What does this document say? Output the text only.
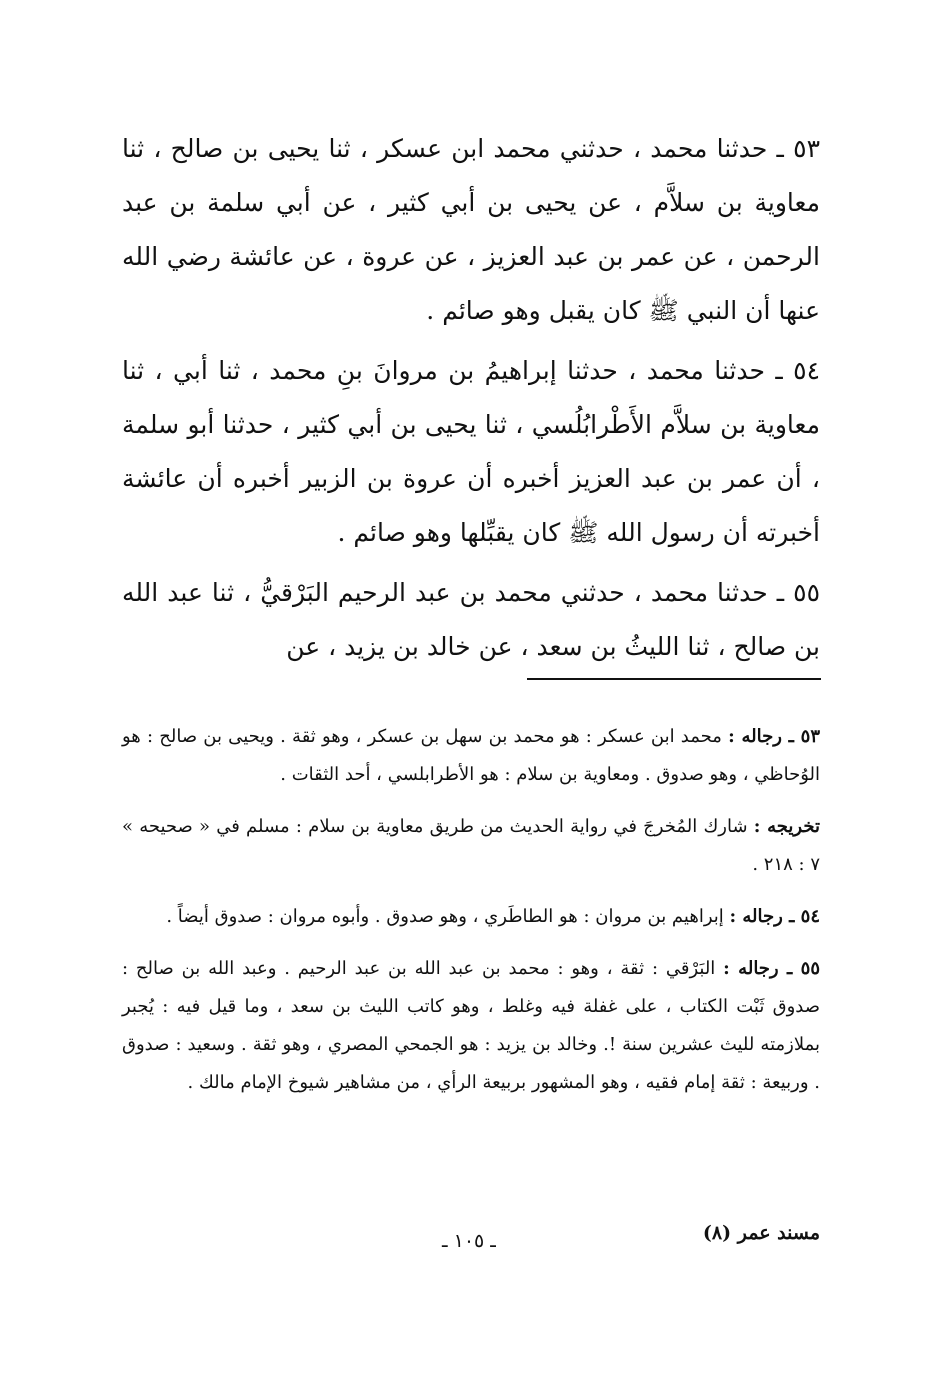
٥٣ ـ حدثنا محمد ، حدثني محمد ابن عسكر ، ثنا يحيى بن صالح ، ثنا معاوية بن سلاَّم ، عن يحيى بن أبي كثير ، عن أبي سلمة بن عبد الرحمن ، عن عمر بن عبد العزيز ، عن عروة ، عن عائشة رضي الله عنها أن النبي ﷺ كان يقبل وهو صائم .

٥٤ ـ حدثنا محمد ، حدثنا إبراهيمُ بن مروانَ بنِ محمد ، ثنا أبي ، ثنا معاوية بن سلاَّم الأَطْرابُلُسي ، ثنا يحيى بن أبي كثير ، حدثنا أبو سلمة ، أن عمر بن عبد العزيز أخبره أن عروة بن الزبير أخبره أن عائشة أخبرته أن رسول الله ﷺ كان يقبِّلها وهو صائم .

٥٥ ـ حدثنا محمد ، حدثني محمد بن عبد الرحيم البَرْقيُّ ، ثنا عبد الله بن صالح ، ثنا الليثُ بن سعد ، عن خالد بن يزيد ، عن

٥٣ ـ رجاله : محمد ابن عسكر : هو محمد بن سهل بن عسكر ، وهو ثقة . ويحيى بن صالح : هو الوُحاظي ، وهو صدوق . ومعاوية بن سلام : هو الأطرابلسي ، أحد الثقات .

تخريجه : شارك المُخرجَ في رواية الحديث من طريق معاوية بن سلام : مسلم في « صحيحه » ٧ : ٢١٨ .

٥٤ ـ رجاله : إبراهيم بن مروان : هو الطاطَري ، وهو صدوق . وأبوه مروان : صدوق أيضاً .

٥٥ ـ رجاله : البَرْقي : ثقة ، وهو : محمد بن عبد الله بن عبد الرحيم . وعبد الله بن صالح : صدوق ثَبْت الكتاب ، على غفلة فيه وغلط ، وهو كاتب الليث بن سعد ، وما قيل فيه : يُجبر بملازمته لليث عشرين سنة !. وخالد بن يزيد : هو الجمحي المصري ، وهو ثقة . وسعيد : صدوق . وربيعة : ثقة إمام فقيه ، وهو المشهور بربيعة الرأي ، من مشاهير شيوخ الإمام مالك .

مسند عمر (٨)
ـ ١٠٥ ـ
